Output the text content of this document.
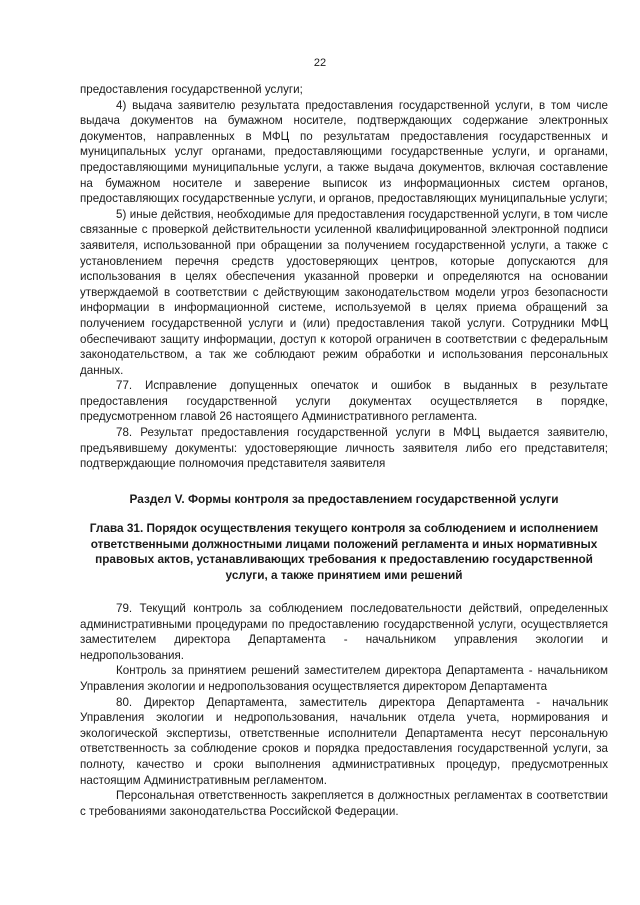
22

предоставления государственной услуги;

4) выдача заявителю результата предоставления государственной услуги, в том числе выдача документов на бумажном носителе, подтверждающих содержание электронных документов, направленных в МФЦ по результатам предоставления государственных и муниципальных услуг органами, предоставляющими государственные услуги, и органами, предоставляющими муниципальные услуги, а также выдача документов, включая составление на бумажном носителе и заверение выписок из информационных систем органов, предоставляющих государственные услуги, и органов, предоставляющих муниципальные услуги;

5) иные действия, необходимые для предоставления государственной услуги, в том числе связанные с проверкой действительности усиленной квалифицированной электронной подписи заявителя, использованной при обращении за получением государственной услуги, а также с установлением перечня средств удостоверяющих центров, которые допускаются для использования в целях обеспечения указанной проверки и определяются на основании утверждаемой в соответствии с действующим законодательством модели угроз безопасности информации в информационной системе, используемой в целях приема обращений за получением государственной услуги и (или) предоставления такой услуги. Сотрудники МФЦ обеспечивают защиту информации, доступ к которой ограничен в соответствии с федеральным законодательством, а так же соблюдают режим обработки и использования персональных данных.

77. Исправление допущенных опечаток и ошибок в выданных в результате предоставления государственной услуги документах осуществляется в порядке, предусмотренном главой 26 настоящего Административного регламента.

78. Результат предоставления государственной услуги в МФЦ выдается заявителю, предъявившему документы: удостоверяющие личность заявителя либо его представителя; подтверждающие полномочия представителя заявителя

Раздел V. Формы контроля за предоставлением государственной услуги
Глава 31. Порядок осуществления текущего контроля за соблюдением и исполнением ответственными должностными лицами положений регламента и иных нормативных правовых актов, устанавливающих требования к предоставлению государственной услуги, а также принятием ими решений

79. Текущий контроль за соблюдением последовательности действий, определенных административными процедурами по предоставлению государственной услуги, осуществляется заместителем директора Департамента - начальником управления экологии и недропользования.

Контроль за принятием решений заместителем директора Департамента - начальником Управления экологии и недропользования осуществляется директором Департамента

80. Директор Департамента, заместитель директора Департамента - начальник Управления экологии и недропользования, начальник отдела учета, нормирования и экологической экспертизы, ответственные исполнители Департамента несут персональную ответственность за соблюдение сроков и порядка предоставления государственной услуги, за полноту, качество и сроки выполнения административных процедур, предусмотренных настоящим Административным регламентом.

Персональная ответственность закрепляется в должностных регламентах в соответствии с требованиями законодательства Российской Федерации.
